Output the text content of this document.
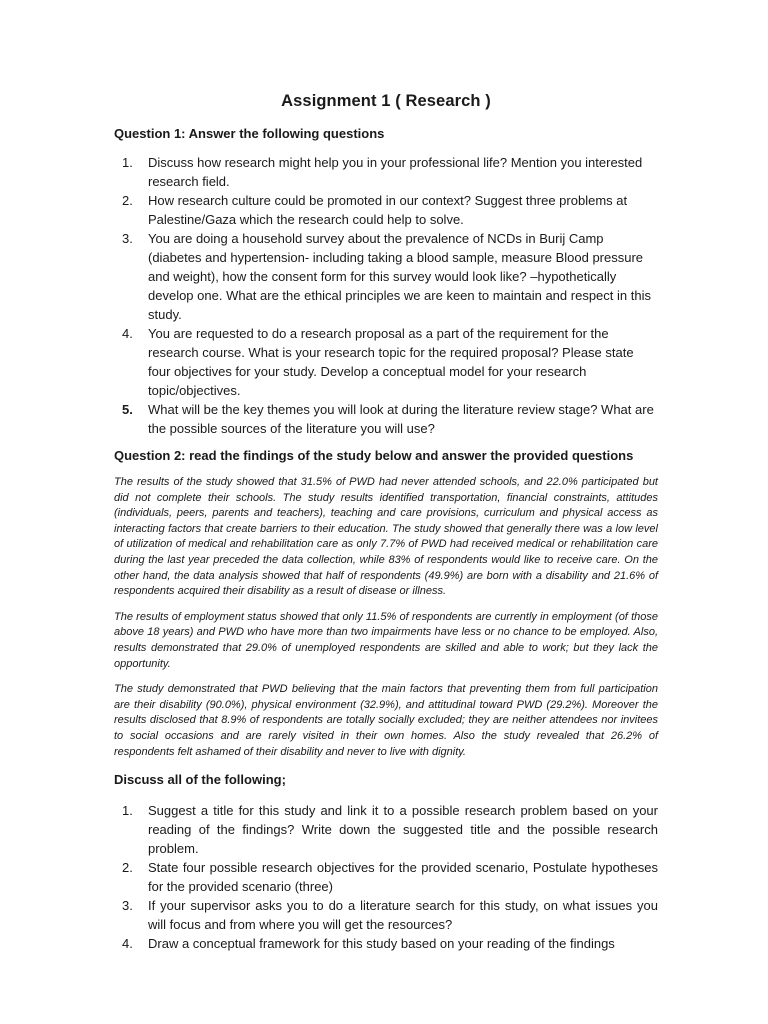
Assignment 1 ( Research )
Question 1: Answer the following questions
1. Discuss how research might help you in your professional life? Mention you interested research field.
2. How research culture could be promoted in our context? Suggest three problems at Palestine/Gaza which the research could help to solve.
3. You are doing a household survey about the prevalence of NCDs in Burij Camp (diabetes and hypertension- including taking a blood sample, measure Blood pressure and weight), how the consent form for this survey would look like? –hypothetically develop one. What are the ethical principles we are keen to maintain and respect in this study.
4. You are requested to do a research proposal as a part of the requirement for the research course. What is your research topic for the required proposal? Please state four objectives for your study. Develop a conceptual model for your research topic/objectives.
5. What will be the key themes you will look at during the literature review stage? What are the possible sources of the literature you will use?
Question 2: read the findings of the study below and answer the provided questions

The results of the study showed that 31.5% of PWD had never attended schools, and 22.0% participated but did not complete their schools. The study results identified transportation, financial constraints, attitudes (individuals, peers, parents and teachers), teaching and care provisions, curriculum and physical access as interacting factors that create barriers to their education. The study showed that generally there was a low level of utilization of medical and rehabilitation care as only 7.7% of PWD had received medical or rehabilitation care during the last year preceded the data collection, while 83% of respondents would like to receive care. On the other hand, the data analysis showed that half of respondents (49.9%) are born with a disability and 21.6% of respondents acquired their disability as a result of disease or illness.

The results of employment status showed that only 11.5% of respondents are currently in employment (of those above 18 years) and PWD who have more than two impairments have less or no chance to be employed. Also, results demonstrated that 29.0% of unemployed respondents are skilled and able to work; but they lack the opportunity.

The study demonstrated that PWD believing that the main factors that preventing them from full participation are their disability (90.0%), physical environment (32.9%), and attitudinal toward PWD (29.2%). Moreover the results disclosed that 8.9% of respondents are totally socially excluded; they are neither attendees nor invitees to social occasions and are rarely visited in their own homes. Also the study revealed that 26.2% of respondents felt ashamed of their disability and never to live with dignity.

Discuss all of the following;
1. Suggest a title for this study and link it to a possible research problem based on your reading of the findings? Write down the suggested title and the possible research problem.
2. State four possible research objectives for the provided scenario, Postulate hypotheses for the provided scenario (three)
3. If your supervisor asks you to do a literature search for this study, on what issues you will focus and from where you will get the resources?
4. Draw a conceptual framework for this study based on your reading of the findings
